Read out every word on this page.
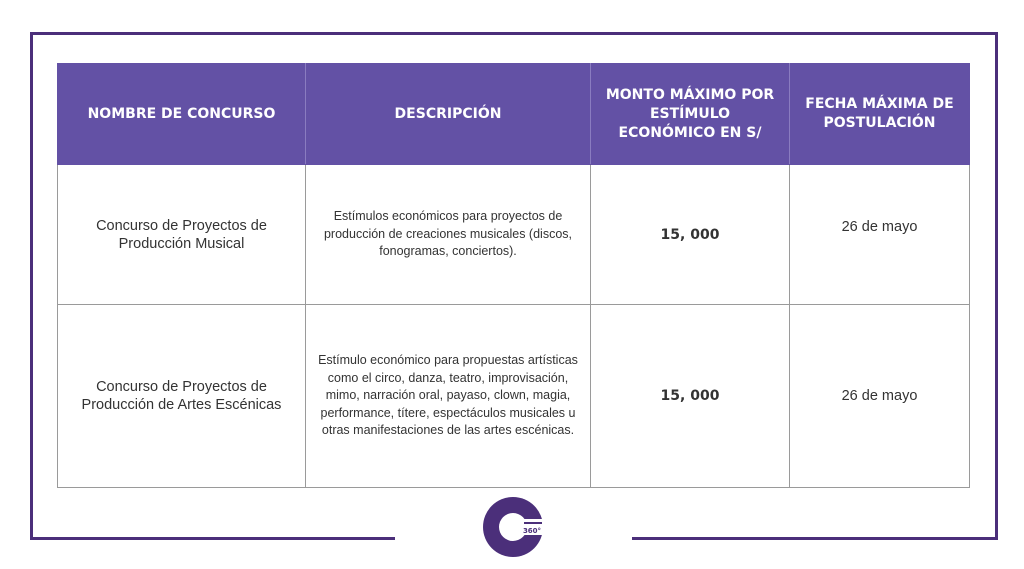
NOMBRE DE CONCURSO	DESCRIPCIÓN	MONTO MÁXIMO POR ESTÍMULO ECONÓMICO EN S/	FECHA MÁXIMA DE POSTULACIÓN
Concurso de Proyectos de Producción Musical	Estímulos económicos para proyectos de producción de creaciones musicales (discos, fonogramas, conciertos).	15, 000	26 de mayo
Concurso de Proyectos de Producción de Artes Escénicas	Estímulo económico para propuestas artísticas como el circo, danza, teatro, improvisación, mimo, narración oral, payaso, clown, magia, performance, títere, espectáculos musicales u otras manifestaciones de las artes escénicas.	15, 000	26 de mayo
360°
